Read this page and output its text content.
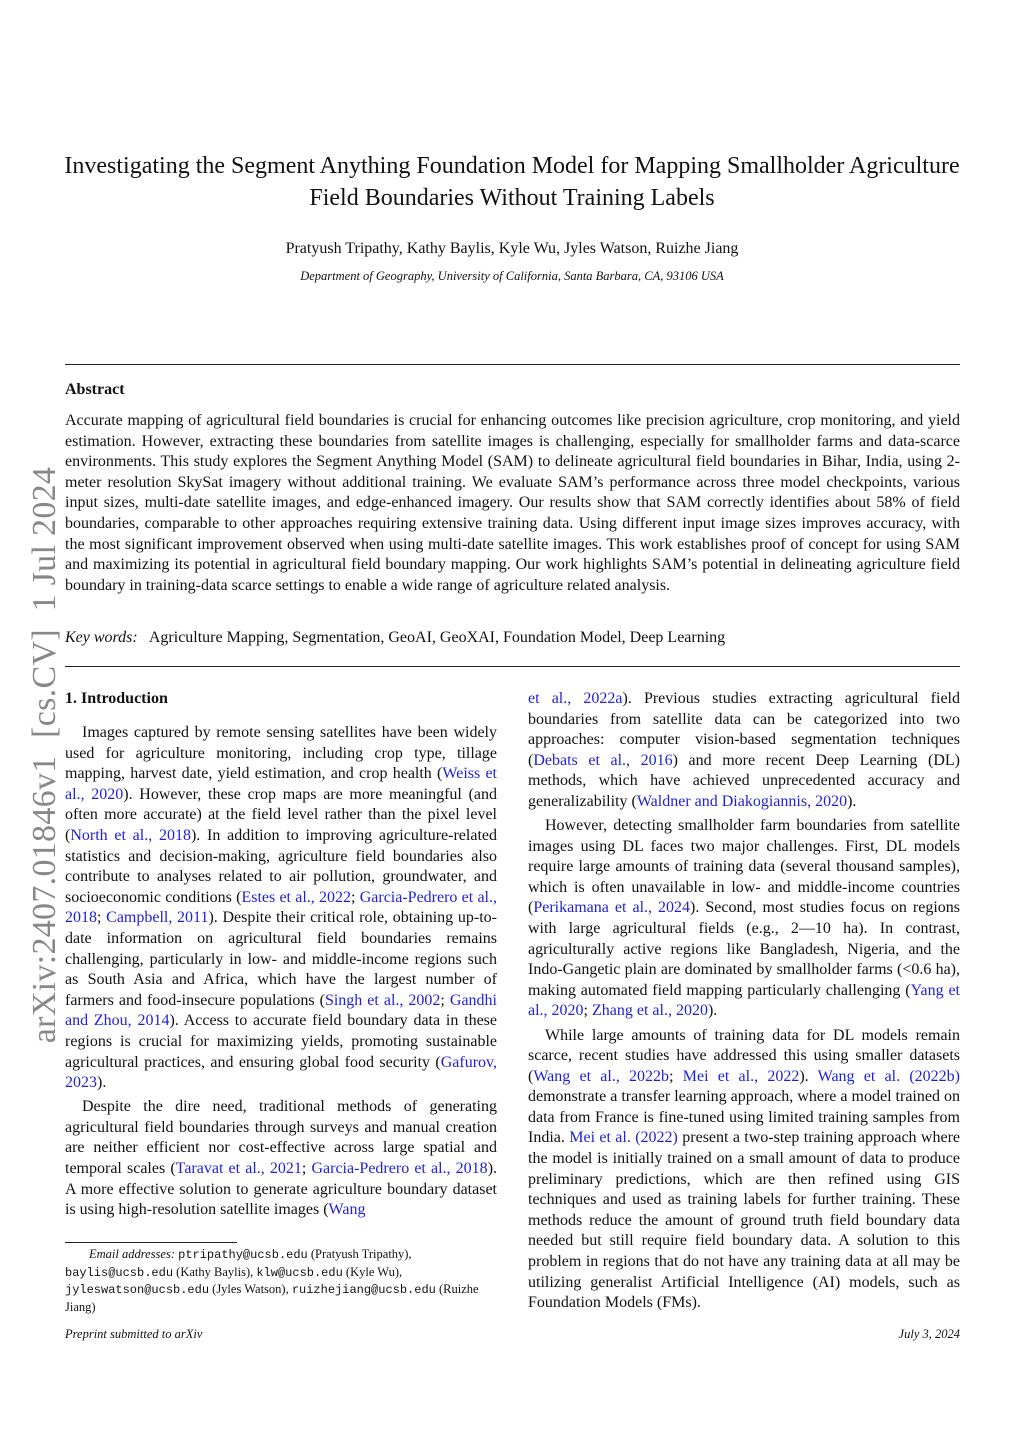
arXiv:2407.01846v1  [cs.CV]  1 Jul 2024
Investigating the Segment Anything Foundation Model for Mapping Smallholder Agriculture Field Boundaries Without Training Labels
Pratyush Tripathy, Kathy Baylis, Kyle Wu, Jyles Watson, Ruizhe Jiang
Department of Geography, University of California, Santa Barbara, CA, 93106 USA
Abstract
Accurate mapping of agricultural field boundaries is crucial for enhancing outcomes like precision agriculture, crop monitoring, and yield estimation. However, extracting these boundaries from satellite images is challenging, especially for smallholder farms and data-scarce environments. This study explores the Segment Anything Model (SAM) to delineate agricultural field boundaries in Bihar, India, using 2-meter resolution SkySat imagery without additional training. We evaluate SAM’s performance across three model checkpoints, various input sizes, multi-date satellite images, and edge-enhanced imagery. Our results show that SAM correctly identifies about 58% of field boundaries, comparable to other approaches requiring extensive training data. Using different input image sizes improves accuracy, with the most significant improvement observed when using multi-date satellite images. This work establishes proof of concept for using SAM and maximizing its potential in agricultural field boundary mapping. Our work highlights SAM’s potential in delineating agriculture field boundary in training-data scarce settings to enable a wide range of agriculture related analysis.
Key words: Agriculture Mapping, Segmentation, GeoAI, GeoXAI, Foundation Model, Deep Learning
1. Introduction

Images captured by remote sensing satellites have been widely used for agriculture monitoring, including crop type, tillage mapping, harvest date, yield estimation, and crop health (Weiss et al., 2020). However, these crop maps are more meaningful (and often more accurate) at the field level rather than the pixel level (North et al., 2018). In addition to improving agriculture-related statistics and decision-making, agriculture field boundaries also contribute to analyses related to air pollution, groundwater, and socioeconomic conditions (Estes et al., 2022; Garcia-Pedrero et al., 2018; Campbell, 2011). Despite their critical role, obtaining up-to-date information on agricultural field boundaries remains challenging, particularly in low- and middle-income regions such as South Asia and Africa, which have the largest number of farmers and food-insecure populations (Singh et al., 2002; Gandhi and Zhou, 2014). Access to accurate field boundary data in these regions is crucial for maximizing yields, promoting sustainable agricultural practices, and ensuring global food security (Gafurov, 2023).

Despite the dire need, traditional methods of generating agricultural field boundaries through surveys and manual creation are neither efficient nor cost-effective across large spatial and temporal scales (Taravat et al., 2021; Garcia-Pedrero et al., 2018). A more effective solution to generate agriculture boundary dataset is using high-resolution satellite images (Wang

et al., 2022a). Previous studies extracting agricultural field boundaries from satellite data can be categorized into two approaches: computer vision-based segmentation techniques (Debats et al., 2016) and more recent Deep Learning (DL) methods, which have achieved unprecedented accuracy and generalizability (Waldner and Diakogiannis, 2020).

However, detecting smallholder farm boundaries from satellite images using DL faces two major challenges. First, DL models require large amounts of training data (several thousand samples), which is often unavailable in low- and middle-income countries (Perikamana et al., 2024). Second, most studies focus on regions with large agricultural fields (e.g., 2—10 ha). In contrast, agriculturally active regions like Bangladesh, Nigeria, and the Indo-Gangetic plain are dominated by smallholder farms (<0.6 ha), making automated field mapping particularly challenging (Yang et al., 2020; Zhang et al., 2020).

While large amounts of training data for DL models remain scarce, recent studies have addressed this using smaller datasets (Wang et al., 2022b; Mei et al., 2022). Wang et al. (2022b) demonstrate a transfer learning approach, where a model trained on data from France is fine-tuned using limited training samples from India. Mei et al. (2022) present a two-step training approach where the model is initially trained on a small amount of data to produce preliminary predictions, which are then refined using GIS techniques and used as training labels for further training. These methods reduce the amount of ground truth field boundary data needed but still require field boundary data. A solution to this problem in regions that do not have any training data at all may be utilizing generalist Artificial Intelligence (AI) models, such as Foundation Models (FMs).

Email addresses: ptripathy@ucsb.edu (Pratyush Tripathy), baylis@ucsb.edu (Kathy Baylis), klw@ucsb.edu (Kyle Wu), jyleswatson@ucsb.edu (Jyles Watson), ruizhejiang@ucsb.edu (Ruizhe Jiang)
Preprint submitted to arXiv	July 3, 2024
